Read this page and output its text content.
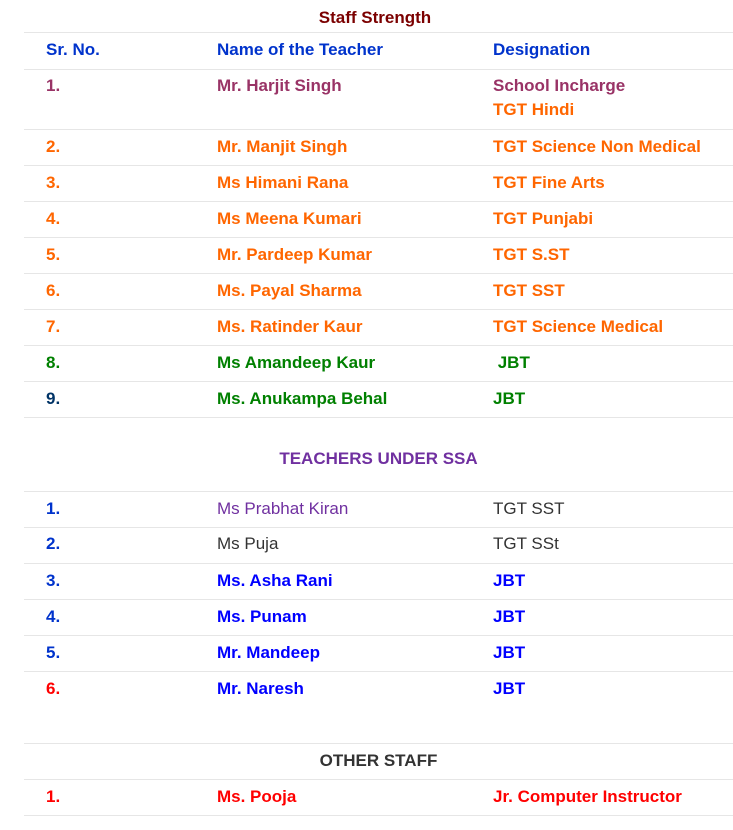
Staff Strength
Sr. No.	Name of the Teacher	Designation
1.	Mr. Harjit Singh	School Incharge
TGT Hindi
2.	Mr. Manjit Singh	TGT Science Non Medical
3.	Ms Himani Rana	TGT Fine Arts
4.	Ms Meena Kumari	TGT Punjabi
5.	Mr. Pardeep Kumar	TGT S.ST
6.	Ms. Payal Sharma	TGT SST
7.	Ms. Ratinder Kaur	TGT Science Medical
8.	Ms Amandeep Kaur	JBT
9.	Ms. Anukampa Behal	JBT
TEACHERS UNDER SSA
1.	Ms Prabhat Kiran	TGT SST
2.	Ms Puja	TGT SSt
3.	Ms. Asha Rani	JBT
4.	Ms. Punam	JBT
5.	Mr. Mandeep	JBT
6.	Mr. Naresh	JBT
OTHER STAFF
1.	Ms. Pooja	Jr. Computer Instructor
